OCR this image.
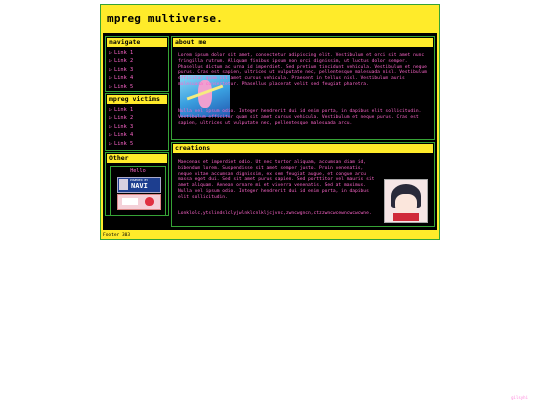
mpreg multiverse.
navigate
▷ Link 1
▷ Link 2
▷ Link 3
▷ Link 4
▷ Link 5
mpreg victims
▷ Link 1
▷ Link 2
▷ Link 3
▷ Link 4
▷ Link 5
Other
Hello
POWERED BY
NAVI
about me
Lorem ipsum dolor sit amet, consectetur adipiscing elit. Vestibulum et orci sit amet nunc fringilla rutrum. Aliquam finibus ipsum non orci dignissim, ut luctus dolor semper. Phasellus dictum ac urna id imperdiet. Sed pretium tincidunt vehicula. Vestibulum et neque purus. Cras est sapien, ultrices ut vulputate nec, pellentesque malesuada nisl. Vestibulum efficitur quam sit amet cursus vehicula. Praesent in tellus nisl. Vestibulum auris malesuada consectetur. Phasellus placerat velit sed feugiat pharetra.
Nulla vel ipsum odio. Integer hendrerit dui id enim porta, in dapibus elit sollicitudin. Vestibulum efficitur quam sit amet cursus vehicula. Vestibulum et neque purus. Cras est sapien, ultrices ut vulputate nec, pellentesque malesuada arcu.
creations
Maecenas et imperdiet odio. Ut nec tortor aliquam, accumsan diam id, bibendum lorem. Suspendisse sit amet semper justo. Proin venenatis, neque vitae accumsan dignissim, ex sem feugiat augue, et congue arcu massa eget dui. Sed sit amet purus sapien. Sed porttitor vel mauris sit amet aliquam. Aenean ornare mi et viverra venenatis. Sed at maximus. Nulla vel ipsum odio. Integer hendrerit dui id enim porta, in dapibus elit sollicitudin.
Lonklolc,ytslindslclyjwlnklcnlkljcjvnc,zwncwgncn,ctzzwncwcewncwcwcwne.
Footer 303
gilsyhi
